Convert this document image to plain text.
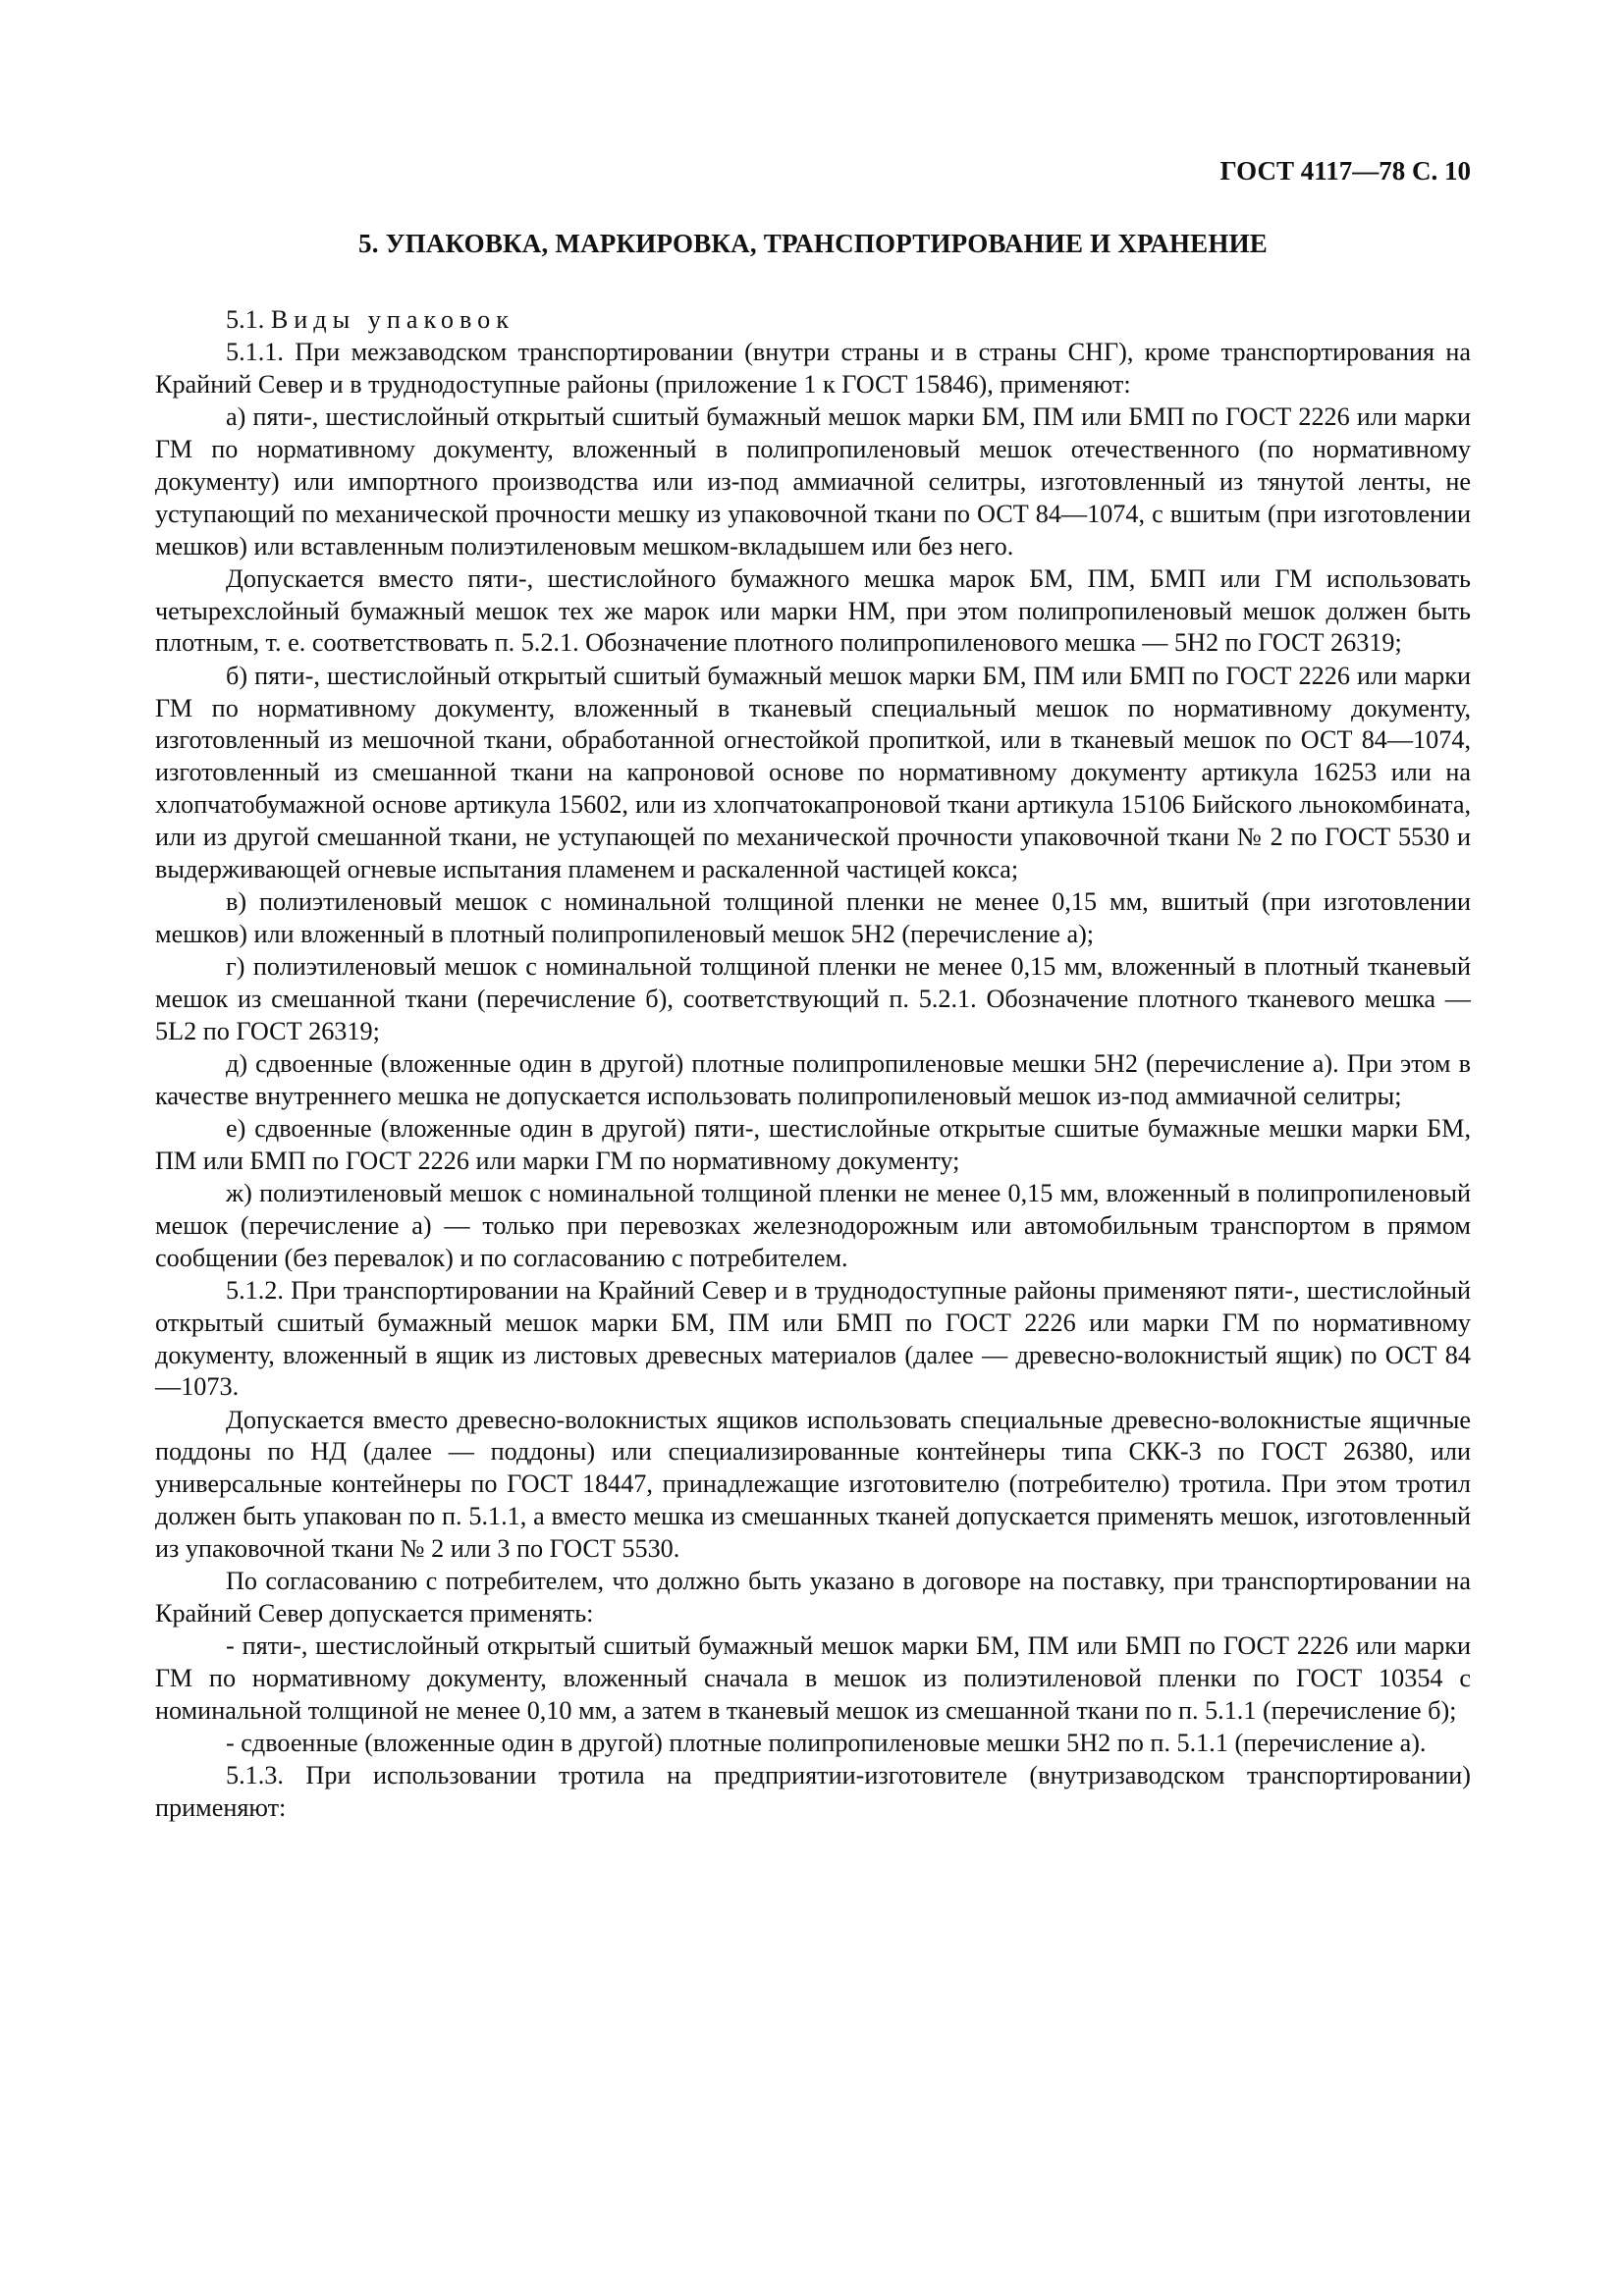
ГОСТ 4117—78 С. 10

5. УПАКОВКА, МАРКИРОВКА, ТРАНСПОРТИРОВАНИЕ И ХРАНЕНИЕ

5.1. Виды упаковок

5.1.1. При межзаводском транспортировании (внутри страны и в страны СНГ), кроме транспортирования на Крайний Север и в труднодоступные районы (приложение 1 к ГОСТ 15846), применяют:

а) пяти-, шестислойный открытый сшитый бумажный мешок марки БМ, ПМ или БМП по ГОСТ 2226 или марки ГМ по нормативному документу, вложенный в полипропиленовый мешок отечественного (по нормативному документу) или импортного производства или из-под аммиачной селитры, изготовленный из тянутой ленты, не уступающий по механической прочности мешку из упаковочной ткани по ОСТ 84—1074, с вшитым (при изготовлении мешков) или вставленным полиэтиленовым мешком-вкладышем или без него.

Допускается вместо пяти-, шестислойного бумажного мешка марок БМ, ПМ, БМП или ГМ использовать четырехслойный бумажный мешок тех же марок или марки НМ, при этом полипропиленовый мешок должен быть плотным, т. е. соответствовать п. 5.2.1. Обозначение плотного полипропиленового мешка — 5Н2 по ГОСТ 26319;

б) пяти-, шестислойный открытый сшитый бумажный мешок марки БМ, ПМ или БМП по ГОСТ 2226 или марки ГМ по нормативному документу, вложенный в тканевый специальный мешок по нормативному документу, изготовленный из мешочной ткани, обработанной огнестойкой пропиткой, или в тканевый мешок по ОСТ 84—1074, изготовленный из смешанной ткани на капроновой основе по нормативному документу артикула 16253 или на хлопчатобумажной основе артикула 15602, или из хлопчатокапроновой ткани артикула 15106 Бийского льнокомбината, или из другой смешанной ткани, не уступающей по механической прочности упаковочной ткани № 2 по ГОСТ 5530 и выдерживающей огневые испытания пламенем и раскаленной частицей кокса;

в) полиэтиленовый мешок с номинальной толщиной пленки не менее 0,15 мм, вшитый (при изготовлении мешков) или вложенный в плотный полипропиленовый мешок 5Н2 (перечисление а);

г) полиэтиленовый мешок с номинальной толщиной пленки не менее 0,15 мм, вложенный в плотный тканевый мешок из смешанной ткани (перечисление б), соответствующий п. 5.2.1. Обозначение плотного тканевого мешка — 5L2 по ГОСТ 26319;

д) сдвоенные (вложенные один в другой) плотные полипропиленовые мешки 5Н2 (перечисление а). При этом в качестве внутреннего мешка не допускается использовать полипропиленовый мешок из-под аммиачной селитры;

е) сдвоенные (вложенные один в другой) пяти-, шестислойные открытые сшитые бумажные мешки марки БМ, ПМ или БМП по ГОСТ 2226 или марки ГМ по нормативному документу;

ж) полиэтиленовый мешок с номинальной толщиной пленки не менее 0,15 мм, вложенный в полипропиленовый мешок (перечисление а) — только при перевозках железнодорожным или автомобильным транспортом в прямом сообщении (без перевалок) и по согласованию с потребителем.

5.1.2. При транспортировании на Крайний Север и в труднодоступные районы применяют пяти-, шестислойный открытый сшитый бумажный мешок марки БМ, ПМ или БМП по ГОСТ 2226 или марки ГМ по нормативному документу, вложенный в ящик из листовых древесных материалов (далее — древесно-волокнистый ящик) по ОСТ 84—1073.

Допускается вместо древесно-волокнистых ящиков использовать специальные древесно-волокнистые ящичные поддоны по НД (далее — поддоны) или специализированные контейнеры типа СКК-3 по ГОСТ 26380, или универсальные контейнеры по ГОСТ 18447, принадлежащие изготовителю (потребителю) тротила. При этом тротил должен быть упакован по п. 5.1.1, а вместо мешка из смешанных тканей допускается применять мешок, изготовленный из упаковочной ткани № 2 или 3 по ГОСТ 5530.

По согласованию с потребителем, что должно быть указано в договоре на поставку, при транспортировании на Крайний Север допускается применять:

- пяти-, шестислойный открытый сшитый бумажный мешок марки БМ, ПМ или БМП по ГОСТ 2226 или марки ГМ по нормативному документу, вложенный сначала в мешок из полиэтиленовой пленки по ГОСТ 10354 с номинальной толщиной не менее 0,10 мм, а затем в тканевый мешок из смешанной ткани по п. 5.1.1 (перечисление б);

- сдвоенные (вложенные один в другой) плотные полипропиленовые мешки 5Н2 по п. 5.1.1 (перечисление а).

5.1.3. При использовании тротила на предприятии-изготовителе (внутризаводском транспортировании) применяют:
